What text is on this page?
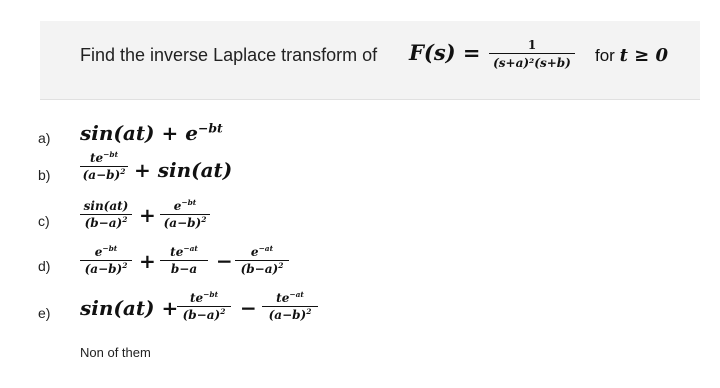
Find the inverse Laplace transform of $F(s) = \frac{1}{\text{(s+a)²(s+b)}}$ for t ≥ 0
a) $\sin(at) + e^{-bt}$
$b) \frac{te^{-bt}}{(a-b)^2} + \sin(at)$
c)	$\frac{\sin(at)}{(b-a)^2} + \frac{e^{-bt}}{(a-b)^2}$
$d) \frac{e^{-bt}}{(a-b)^2} + \frac{te^{-at}}{b-a} - \frac{e^{-at}}{(b-a)^2}$
e) sin(at) +
$\frac{te^{-bt}}{(b-a)^2} - \frac{te^{-at}}{(a-b)^2}$
Non of them
